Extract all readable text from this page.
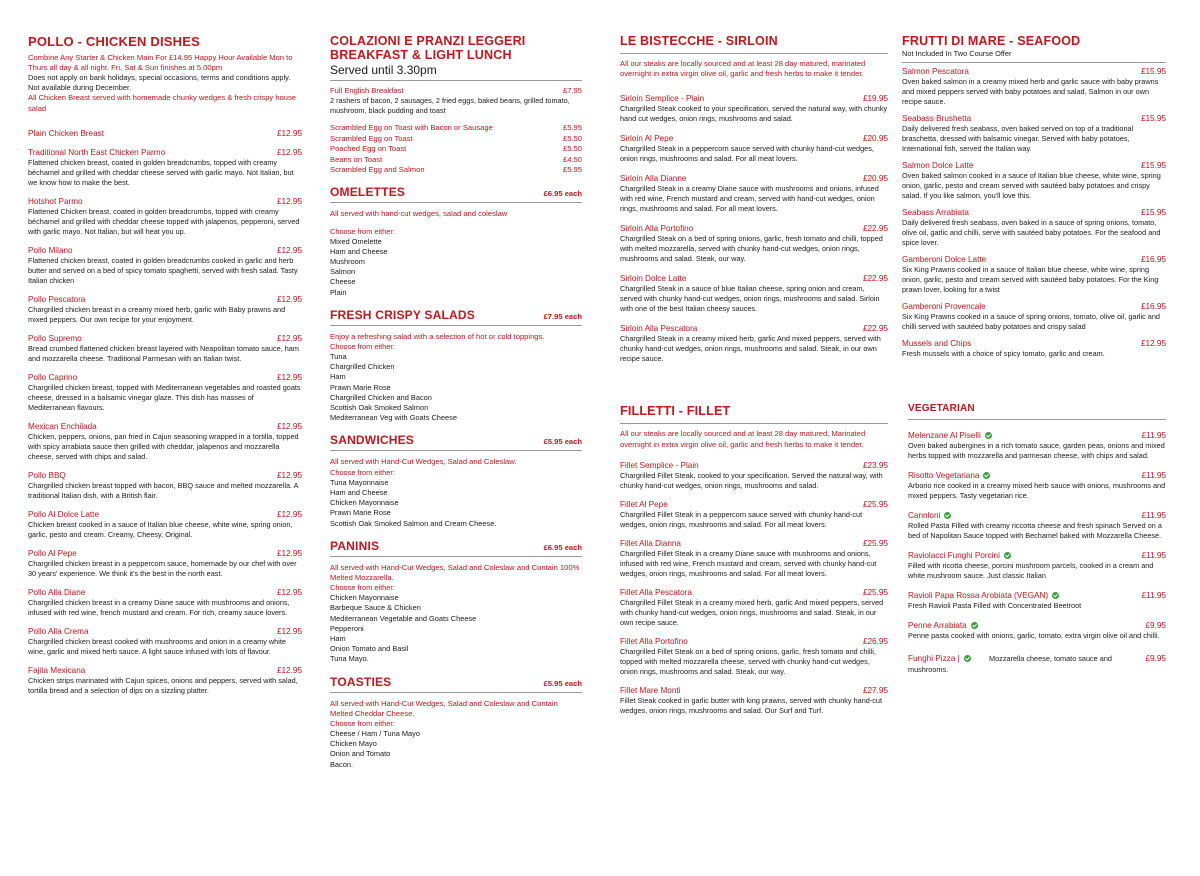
POLLO - CHICKEN DISHES
Combine Any Starter & Chicken Main For £14.95 Happy Hour Available Mon to Thurs all day & all night. Fri, Sat & Sun finishes at 5.00pm
Does not apply on bank holidays, special occasions, terms and conditions apply.
Not available during December.
All Chicken Breast served with homemade chunky wedges & fresh crispy house salad
Plain Chicken Breast	£12.95
Traditional North East Chicken Parmo	£12.95
Flattened chicken breast, coated in golden breadcrumbs, topped with creamy béchamel and grilled with cheddar cheese served with garlic mayo. Not Italian, but we know how to make the best.
Hotshot Parmo	£12.95
Flattened Chicken breast, coated in golden breadcrumbs, topped with creamy béchamel and grilled with cheddar cheese topped with jalapenos, pepperoni, served with garlic mayo. Not Italian, but will heat you up.
Pollo Milano	£12.95
Flattened chicken breast, coated in golden breadcrumbs cooked in garlic and herb butter and served on a bed of spicy tomato spaghetti, served with fresh salad. Tasty Italian chicken
Pollo Pescatora	£12.95
Chargrilled chicken breast in a creamy mixed herb, garlic with Baby prawns and mixed peppers. Our own recipe for your enjoyment.
Pollo Supremo	£12.95
Bread crumbed flattened chicken breast layered with Neapolitan tomato sauce, ham and mozzarella cheese. Traditional Parmesan with an Italian twist.
Pollo Caprino	£12.95
Chargrilled chicken breast, topped with Mediterranean vegetables and roasted goats cheese, dressed in a balsamic vinegar glaze. This dish has masses of Mediterranean flavours.
Mexican Enchilada	£12.95
Chicken, peppers, onions, pan fried in Cajun seasoning wrapped in a tortilla, topped with spicy arrabiata sauce then grilled with cheddar, jalapenos and mozzarella cheese, served with chips and salad.
Pollo BBQ	£12.95
Chargrilled chicken breast topped with bacon, BBQ sauce and melted mozzarella. A traditional Italian dish, with a British flair.
Pollo Al Dolce Latte	£12.95
Chicken breast cooked in a sauce of Italian blue cheese, white wine, spring onion, garlic, pesto and cream. Creamy, Cheesy, Original.
Pollo Al Pepe	£12.95
Chargrilled chicken breast in a peppercorn sauce, homemade by our chef with over 30 years' experience. We think it's the best in the north east.
Pollo Alla Diane	£12.95
Chargrilled chicken breast in a creamy Diane sauce with mushrooms and onions, infused with red wine, french mustard and cream. For rich, creamy sauce lovers.
Pollo Alla Crema	£12.95
Chargrilled chicken breast cooked with mushrooms and onion in a creamy white wine, garlic and mixed herb sauce. A light sauce infused with lots of flavour.
Fajita Mexicana	£12.95
Chicken strips marinated with Cajun spices, onions and peppers, served with salad, tortilla bread and a selection of dips on a sizzling platter.
COLAZIONI E PRANZI LEGGERI
BREAKFAST & LIGHT LUNCH
Served until 3.30pm
Full English Breakfast	£7.95
2 rashers of bacon, 2 sausages, 2 fried eggs, baked beans, grilled tomato, mushroom, black pudding and toast
Scrambled Egg on Toast with Bacon or Sausage	£5.95
Scrambled Egg on Toast	£5.50
Poached Egg on Toast	£5.50
Beans on Toast	£4.50
Scrambled Egg and Salmon	£5.95
OMELETTES	£6.95 each
All served with hand-cut wedges, salad and coleslaw
Choose from either:
Mixed Omelette
Ham and Cheese
Mushroom
Salmon
Cheese
Plain
FRESH CRISPY SALADS	£7.95 each
Enjoy a refreshing salad with a selection of hot or cold toppings.
Choose from either:
Tuna
Chargrilled Chicken
Ham
Prawn Marie Rose
Chargrilled Chicken and Bacon
Scottish Oak Smoked Salmon
Mediterranean Veg with Goats Cheese
SANDWICHES	£5.95 each
All served with Hand-Cut Wedges, Salad and Coleslaw.
Choose from either:
Tuna Mayonnaise
Ham and Cheese
Chicken Mayonnaise
Prawn Marie Rose
Scottish Oak Smoked Salmon and Cream Cheese.
PANINIS	£6.95 each
All served with Hand-Cut Wedges, Salad and Coleslaw and Contain 100% Melted Mozzarella.
Choose from either:
Chicken Mayonnaise
Barbeque Sauce & Chicken
Mediterranean Vegetable and Goats Cheese
Pepperoni
Ham
Onion Tomato and Basil
Tuna Mayo.
TOASTIES	£5.95 each
All served with Hand-Cut Wedges, Salad and Coleslaw and Contain Melted Cheddar Cheese.
Choose from either:
Cheese / Ham / Tuna Mayo
Chicken Mayo
Onion and Tomato
Bacon.
LE BISTECCHE - SIRLOIN
All our steaks are locally sourced and at least 28 day matured, marinated overnight in extra virgin olive oil, garlic and fresh herbs to make it tender.
Sirloin Semplice - Plain	£19.95
Chargrilled Steak cooked to your specification, served the natural way, with chunky hand cut wedges, onion rings, mushrooms and salad.
Sirloin Al Pepe	£20.95
Chargrilled Steak in a peppercorn sauce served with chunky hand-cut wedges, onion rings, mushrooms and salad. For all meat lovers.
Sirloin Alla Dianne	£20.95
Chargrilled Steak in a creamy Diane sauce with mushrooms and onions, infused with red wine, French mustard and cream, served with hand-cut wedges, onion rings, mushrooms and salad. For all meat lovers.
Sirloin Alla Portofino	£22.95
Chargrilled Steak on a bed of spring onions, garlic, fresh tomato and chilli, topped with melted mozzarella, served with chunky hand-cut wedges, onion rings, mushrooms and salad. Steak, our way.
Sirloin Dolce Latte	£22.95
Chargrilled Steak in a sauce of blue Italian cheese, spring onion and cream, served with chunky hand-cut wedges, onion rings, mushrooms and salad. Sirloin with one of the best Italian cheesy sauces.
Sirloin Alla Pescatora	£22.95
Chargrilled Steak in a creamy mixed herb, garlic And mixed peppers, served with chunky hand-cut wedges, onion rings, mushrooms and salad. Steak, in our own recipe sauce.
FILLETTI - FILLET
All our steaks are locally sourced and at least 28 day matured, Marinated overnight in extra virgin olive oil, garlic and fresh herbs to make it tender.
Fillet Semplice - Plain	£23.95
Chargrilled Fillet Steak, cooked to your specification. Served the natural way, with chunky hand-cut wedges, onion rings, mushrooms and salad.
Fillet Al Pepe	£25.95
Chargrilled Fillet Steak in a peppercorn sauce served with chunky hand-cut wedges, onion rings, mushrooms and salad. For all meat lovers.
Fillet Alla Dianna	£25.95
Chargrilled Fillet Steak in a creamy Diane sauce with mushrooms and onions, infused with red wine, French mustard and cream, served with chunky hand-cut wedges, onion rings, mushrooms and salad. For all meat lovers.
Fillet Alla Pescatora	£25.95
Chargrilled Fillet Steak in a creamy mixed herb, garlic And mixed peppers, served with chunky hand-cut wedges, onion rings, mushrooms and salad. Steak, in our own recipe sauce.
Fillet Alla Portofino	£26.95
Chargrilled Fillet Steak on a bed of spring onions, garlic, fresh tomato and chilli, topped with melted mozzarella cheese, served with chunky hand-cut wedges, onion rings, mushrooms and salad. Steak, our way.
Fillet Mare Monti	£27.95
Fillet Steak cooked in garlic butter with king prawns, served with chunky hand-cut wedges, onion rings, mushrooms and salad. Our Surf and Turf.
FRUTTI DI MARE - SEAFOOD
Not Included In Two Course Offer
Salmon Pescatora	£15.95
Oven baked salmon in a creamy mixed herb and garlic sauce with baby prawns and mixed peppers served with baby potatoes and salad. Salmon in our own recipe sauce.
Seabass Brushetta	£15.95
Daily delivered fresh seabass, oven baked served on top of a traditional braschetta, dressed with balsamic vinegar. Served with baby potatoes, International fish, served the Italian way.
Salmon Dolce Latte	£15.95
Oven baked salmon cooked in a sauce of Italian blue cheese, white wine, spring onion, garlic, pesto and cream served with sautéed baby potatoes and crispy salad. If you like salmon, you'll love this.
Seabass Arrabiata	£15.95
Daily delivered fresh seabass, oven baked in a sauce of spring onions, tomato, olive oil, garlic and chilli, serve with sautéed baby potatoes. For the seafood and spice lover.
Gamberoni Dolce Latte	£16.95
Six King Prawns cooked in a sauce of Italian blue cheese, white wine, spring onion, garlic, pesto and cream served with sautéed baby potatoes. For the King prawn lover, looking for a twist
Gamberoni Provencale	£16.95
Six King Prawns cooked in a sauce of spring onions, tomato, olive oil, garlic and chilli served with sautéed baby potatoes and crispy salad
Mussels and Chips	£12.95
Fresh mussels with a choice of spicy tomato, garlic and cream.
VEGETARIAN
Melenzane Al Piselli	£11.95
Oven baked aubergines in a rich tomato sauce, garden peas, onions and mixed herbs topped with mozzarella and parmesan cheese, with chips and salad.
Risotto Vegetariana	£11.95
Arborio rice cooked in a creamy mixed herb sauce with onions, mushrooms and mixed peppers. Tasty vegetarian rice.
Cannloni	£11.95
Rolled Pasta Filled with creamy riccotta cheese and fresh spinach Served on a bed of Napolitan Sauce topped with Bechamel baked with Mozzarella Cheese.
Raviolacci Funghi Porcini	£11.95
Filled with ricotta cheese, porcini mushroom parcels, cooked in a cream and white mushroom sauce. Just classic Italian
Ravioli Papa Rossa Arobiata (VEGAN)	£11.95
Fresh Ravioli Pasta Filled with Concentrated Beetroot
Penne Arrabiata	£9.95
Penne pasta cooked with onions, garlic, tomato, extra virgin olive oil and chilli.
Funghi Pizza |	Mozzarella cheese, tomato sauce and mushrooms.
£9.95
